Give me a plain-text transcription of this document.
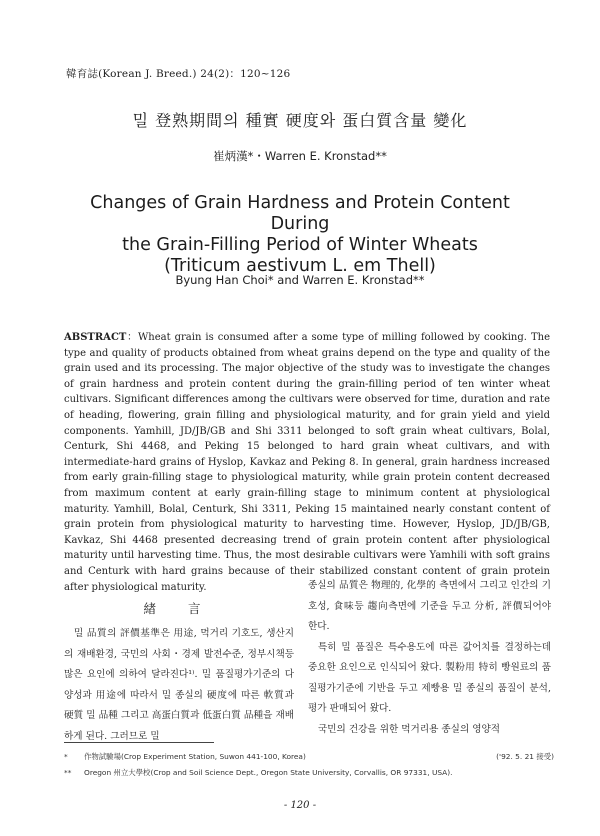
韓育誌(Korean J. Breed.) 24(2)：120~126
밀 登熟期間의 種實 硬度와 蛋白質含量 變化
崔炳漢*・Warren E. Kronstad**
Changes of Grain Hardness and Protein Content During
the Grain-Filling Period of Winter Wheats
(Triticum aestivum L. em Thell)
Byung Han Choi* and Warren E. Kronstad**
ABSTRACT：Wheat grain is consumed after a some type of milling followed by cooking. The type and quality of products obtained from wheat grains depend on the type and quality of the grain used and its processing. The major objective of the study was to investigate the changes of grain hardness and protein content during the grain-filling period of ten winter wheat cultivars. Significant differences among the cultivars were observed for time, duration and rate of heading, flowering, grain filling and physiological maturity, and for grain yield and yield components. Yamhill, JD/JB/GB and Shi 3311 belonged to soft grain wheat cultivars, Bolal, Centurk, Shi 4468, and Peking 15 belonged to hard grain wheat cultivars, and with intermediate-hard grains of Hyslop, Kavkaz and Peking 8. In general, grain hardness increased from early grain-filling stage to physiological maturity, while grain protein content decreased from maximum content at early grain-filling stage to minimum content at physiological maturity. Yamhill, Bolal, Centurk, Shi 3311, Peking 15 maintained nearly constant content of grain protein from physiological maturity to harvesting time. However, Hyslop, JD/JB/GB, Kavkaz, Shi 4468 presented decreasing trend of grain protein content after physiological maturity until harvesting time. Thus, the most desirable cultivars were Yamhili with soft grains and Centurk with hard grains because of their stabilized constant content of grain protein after physiological maturity.
緖 言

밀 品質의 評價基準은 用途, 먹거리 기호도, 생산지의 재배환경, 국민의 사회・경제 발전수준, 정부시책등 많은 요인에 의하여 달라진다¹⁾. 밀 품질평가기준의 다양성과 用途에 따라서 밀 종실의 硬度에 따른 軟質과 硬質 밀 品種 그리고 高蛋白質과 低蛋白質 品種을 재배하게 된다. 그러므로 밀

종실의 品質은 物理的, 化學的 측면에서 그리고 인간의 기호성, 食味등 趨向측면에 기준을 두고 分析, 評價되어야 한다.

특히 밀 품질은 특수용도에 따른 값어치를 결정하는데 중요한 요인으로 인식되어 왔다. 製粉用 特히 빵원료의 품질평가기준에 기반을 두고 제빵용 밀 종실의 품질이 분석, 평가 판매되어 왔다.

국민의 건강을 위한 먹거리용 종실의 영양적

* 作物試驗場(Crop Experiment Station, Suwon 441-100, Korea)	('92. 5. 21 接受)
** Oregon 州立大學校(Crop and Soil Science Dept., Oregon State University, Corvallis, OR 97331, USA).
- 120 -
